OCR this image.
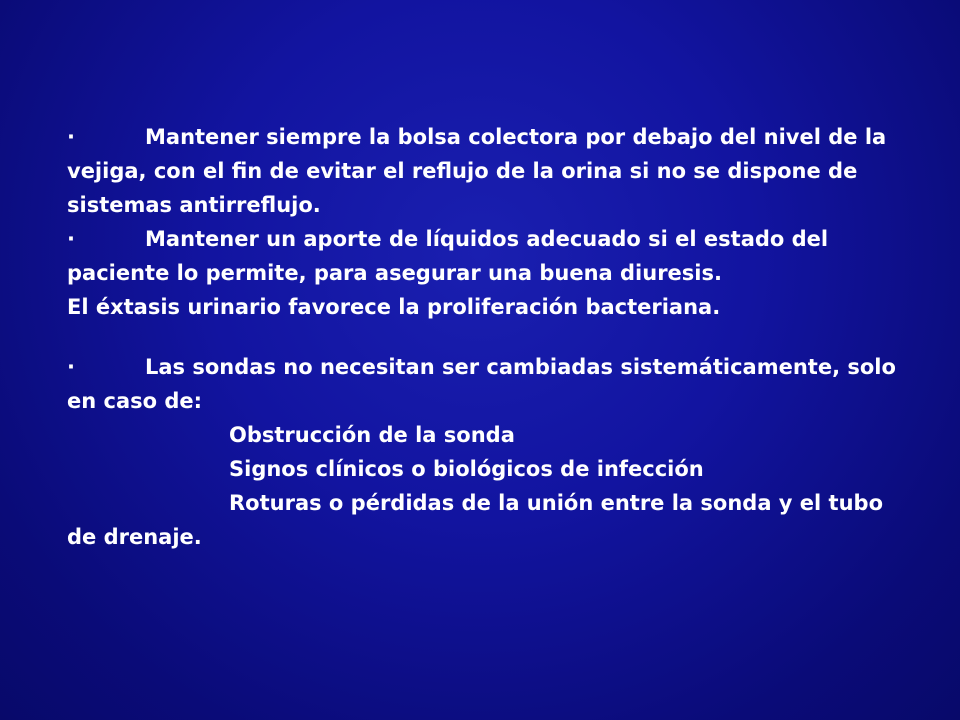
·	Mantener siempre la bolsa colectora por debajo del nivel de la
vejiga, con el fin de evitar el reflujo de la orina si no se dispone de
sistemas antirreflujo.
·	Mantener un aporte de líquidos adecuado si el estado del
paciente lo permite, para asegurar una buena diuresis.
El éxtasis urinario favorece la proliferación bacteriana.
·	Las sondas no necesitan ser cambiadas sistemáticamente, solo
en caso de:
Obstrucción de la sonda
Signos clínicos o biológicos de infección
Roturas o pérdidas de la unión entre la sonda y el tubo
de drenaje.
